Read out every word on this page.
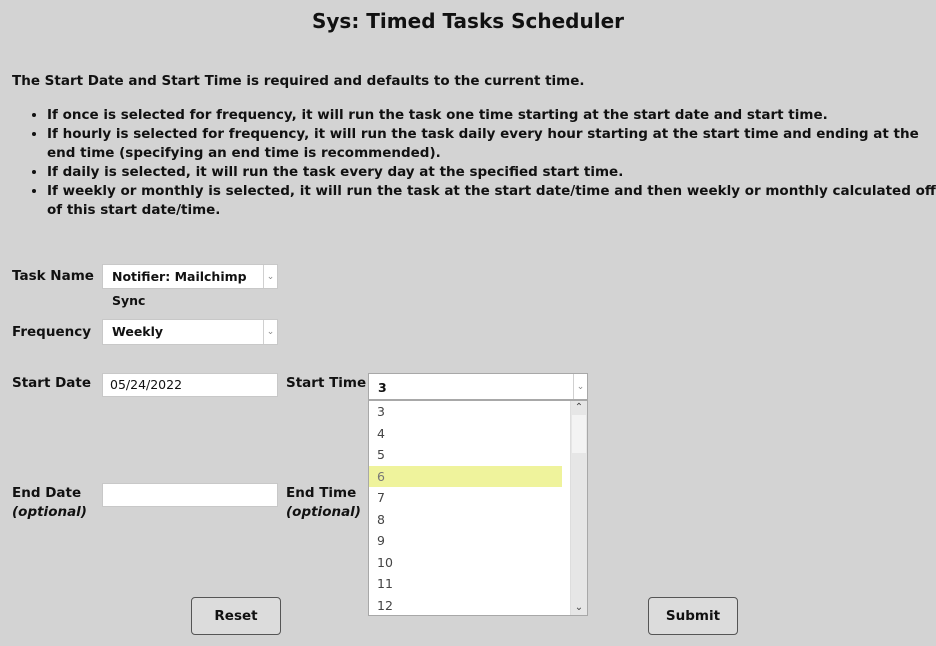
Sys: Timed Tasks Scheduler
The Start Date and Start Time is required and defaults to the current time.
• If once is selected for frequency, it will run the task one time starting at the start date and start time.
• If hourly is selected for frequency, it will run the task daily every hour starting at the start time and ending at the end time (specifying an end time is recommended).
• If daily is selected, it will run the task every day at the specified start time.
• If weekly or monthly is selected, it will run the task at the start date/time and then weekly or monthly calculated off of this start date/time.
Task Name	Notifier: Mailchimp Sync
⌄
Frequency	Weekly	⌄
Start Date	05/24/2022	Start Time 3	⌄
3
4
5
6
7
8
9
10
11
12
⌃
⌄
End Date
(optional)
End Time
(optional)
Reset	Submit
